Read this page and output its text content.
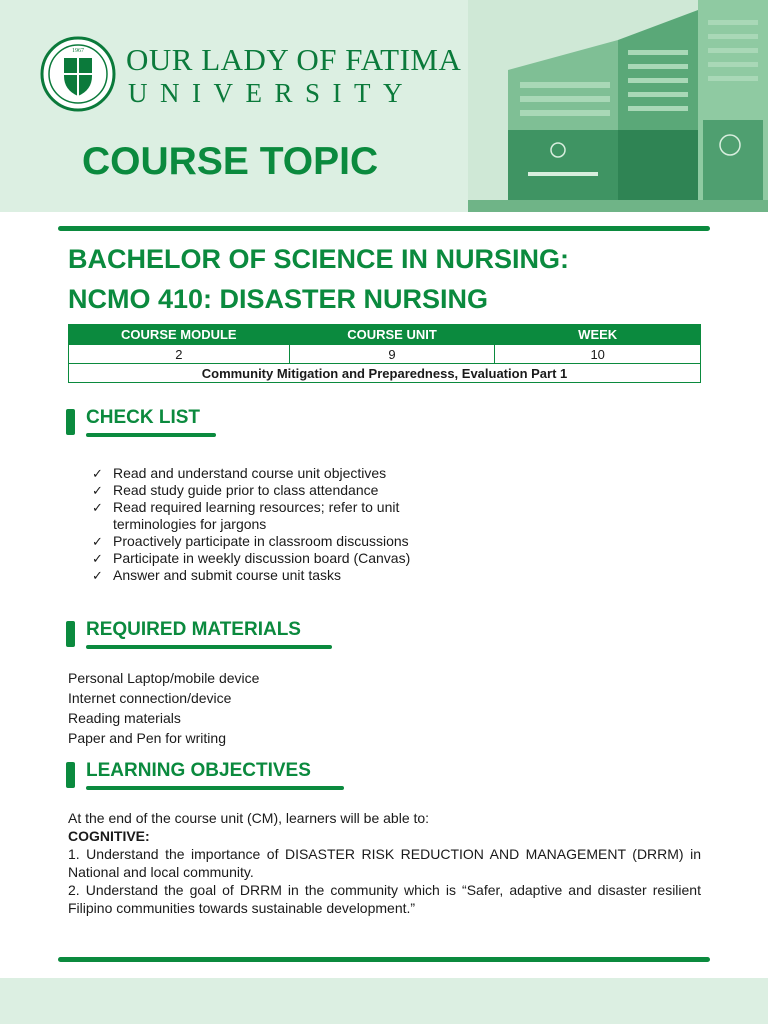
1967 OUR LADY OF FATIMA
UNIVERSITY
COURSE TOPIC
BACHELOR OF SCIENCE IN NURSING:
NCMO 410: DISASTER NURSING
COURSE MODULE	COURSE UNIT	WEEK
2	9	10
Community Mitigation and Preparedness, Evaluation Part 1		
CHECK LIST
✓ Read and understand course unit objectives
✓ Read study guide prior to class attendance
✓ Read required learning resources; refer to unit
terminologies for jargons
✓ Proactively participate in classroom discussions
✓ Participate in weekly discussion board (Canvas)
✓ Answer and submit course unit tasks
REQUIRED MATERIALS
Personal Laptop/mobile device
Internet connection/device
Reading materials
Paper and Pen for writing
LEARNING OBJECTIVES

At the end of the course unit (CM), learners will be able to:

COGNITIVE:

1. Understand the importance of DISASTER RISK REDUCTION AND MANAGEMENT (DRRM) in National and local community.

2. Understand the goal of DRRM in the community which is “Safer, adaptive and disaster resilient Filipino communities towards sustainable development.”
